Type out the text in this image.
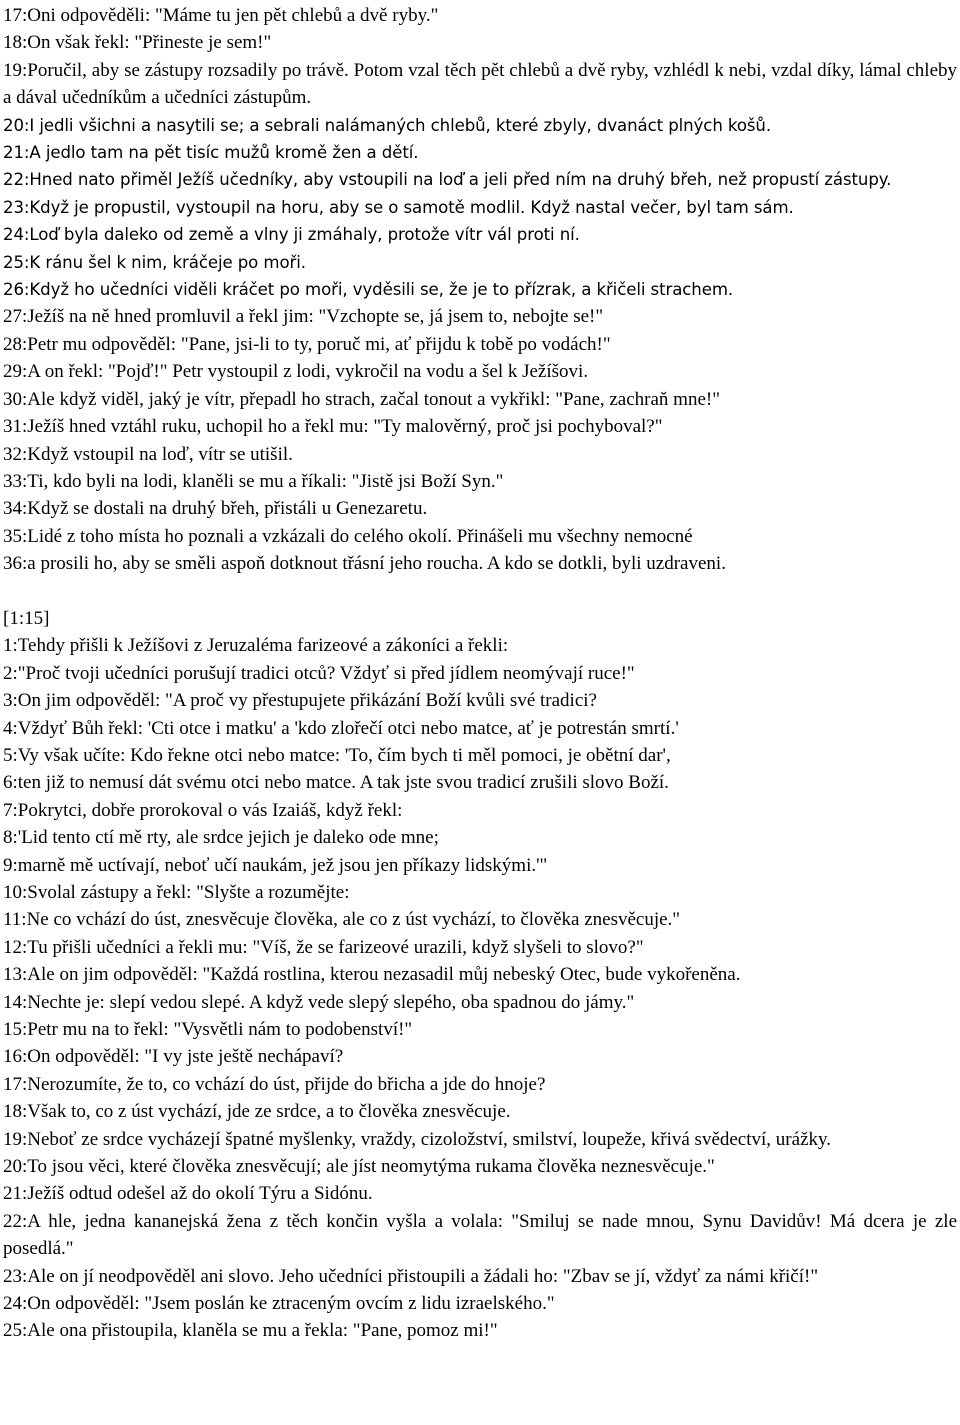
17:Oni odpověděli: "Máme tu jen pět chlebů a dvě ryby."
18:On však řekl: "Přineste je sem!"
19:Poručil, aby se zástupy rozsadily po trávě. Potom vzal těch pět chlebů a dvě ryby, vzhlédl k nebi, vzdal díky, lámal chleby a dával učedníkům a učedníci zástupům.
20:I jedli všichni a nasytili se; a sebrali nalámaných chlebů, které zbyly, dvanáct plných košů.
21:A jedlo tam na pět tisíc mužů kromě žen a dětí.
22:Hned nato přiměl Ježíš učedníky, aby vstoupili na loď a jeli před ním na druhý břeh, než propustí zástupy.
23:Když je propustil, vystoupil na horu, aby se o samotě modlil. Když nastal večer, byl tam sám.
24:Loď byla daleko od země a vlny ji zmáhaly, protože vítr vál proti ní.
25:K ránu šel k nim, kráčeje po moři.
26:Když ho učedníci viděli kráčet po moři, vyděsili se, že je to přízrak, a křičeli strachem.
27:Ježíš na ně hned promluvil a řekl jim: "Vzchopte se, já jsem to, nebojte se!"
28:Petr mu odpověděl: "Pane, jsi-li to ty, poruč mi, ať přijdu k tobě po vodách!"
29:A on řekl: "Pojď!" Petr vystoupil z lodi, vykročil na vodu a šel k Ježíšovi.
30:Ale když viděl, jaký je vítr, přepadl ho strach, začal tonout a vykřikl: "Pane, zachraň mne!"
31:Ježíš hned vztáhl ruku, uchopil ho a řekl mu: "Ty malověrný, proč jsi pochyboval?"
32:Když vstoupil na loď, vítr se utišil.
33:Ti, kdo byli na lodi, klaněli se mu a říkali: "Jistě jsi Boží Syn."
34:Když se dostali na druhý břeh, přistáli u Genezaretu.
35:Lidé z toho místa ho poznali a vzkázali do celého okolí. Přinášeli mu všechny nemocné
36:a prosili ho, aby se směli aspoň dotknout třásní jeho roucha. A kdo se dotkli, byli uzdraveni.
[1:15]
1:Tehdy přišli k Ježíšovi z Jeruzaléma farizeové a zákoníci a řekli:
2:"Proč tvoji učedníci porušují tradici otců? Vždyť si před jídlem neomývají ruce!"
3:On jim odpověděl: "A proč vy přestupujete přikázání Boží kvůli své tradici?
4:Vždyť Bůh řekl: 'Cti otce i matku' a 'kdo zlořečí otci nebo matce, ať je potrestán smrtí.'
5:Vy však učíte: Kdo řekne otci nebo matce: 'To, čím bych ti měl pomoci, je obětní dar',
6:ten již to nemusí dát svému otci nebo matce. A tak jste svou tradicí zrušili slovo Boží.
7:Pokrytci, dobře prorokoval o vás Izaiáš, když řekl:
8:'Lid tento ctí mě rty, ale srdce jejich je daleko ode mne;
9:marně mě uctívají, neboť učí naukám, jež jsou jen příkazy lidskými.'"
10:Svolal zástupy a řekl: "Slyšte a rozumějte:
11:Ne co vchází do úst, znesvěcuje člověka, ale co z úst vychází, to člověka znesvěcuje."
12:Tu přišli učedníci a řekli mu: "Víš, že se farizeové urazili, když slyšeli to slovo?"
13:Ale on jim odpověděl: "Každá rostlina, kterou nezasadil můj nebeský Otec, bude vykořeněna.
14:Nechte je: slepí vedou slepé. A když vede slepý slepého, oba spadnou do jámy."
15:Petr mu na to řekl: "Vysvětli nám to podobenství!"
16:On odpověděl: "I vy jste ještě nechápaví?
17:Nerozumíte, že to, co vchází do úst, přijde do břicha a jde do hnoje?
18:Však to, co z úst vychází, jde ze srdce, a to člověka znesvěcuje.
19:Neboť ze srdce vycházejí špatné myšlenky, vraždy, cizoložství, smilství, loupeže, křivá svědectví, urážky.
20:To jsou věci, které člověka znesvěcují; ale jíst neomytýma rukama člověka neznesvěcuje."
21:Ježíš odtud odešel až do okolí Týru a Sidónu.
22:A hle, jedna kananejská žena z těch končin vyšla a volala: "Smiluj se nade mnou, Synu Davidův! Má dcera je zle posedlá."
23:Ale on jí neodpověděl ani slovo. Jeho učedníci přistoupili a žádali ho: "Zbav se jí, vždyť za námi křičí!"
24:On odpověděl: "Jsem poslán ke ztraceným ovcím z lidu izraelského."
25:Ale ona přistoupila, klaněla se mu a řekla: "Pane, pomoz mi!"
